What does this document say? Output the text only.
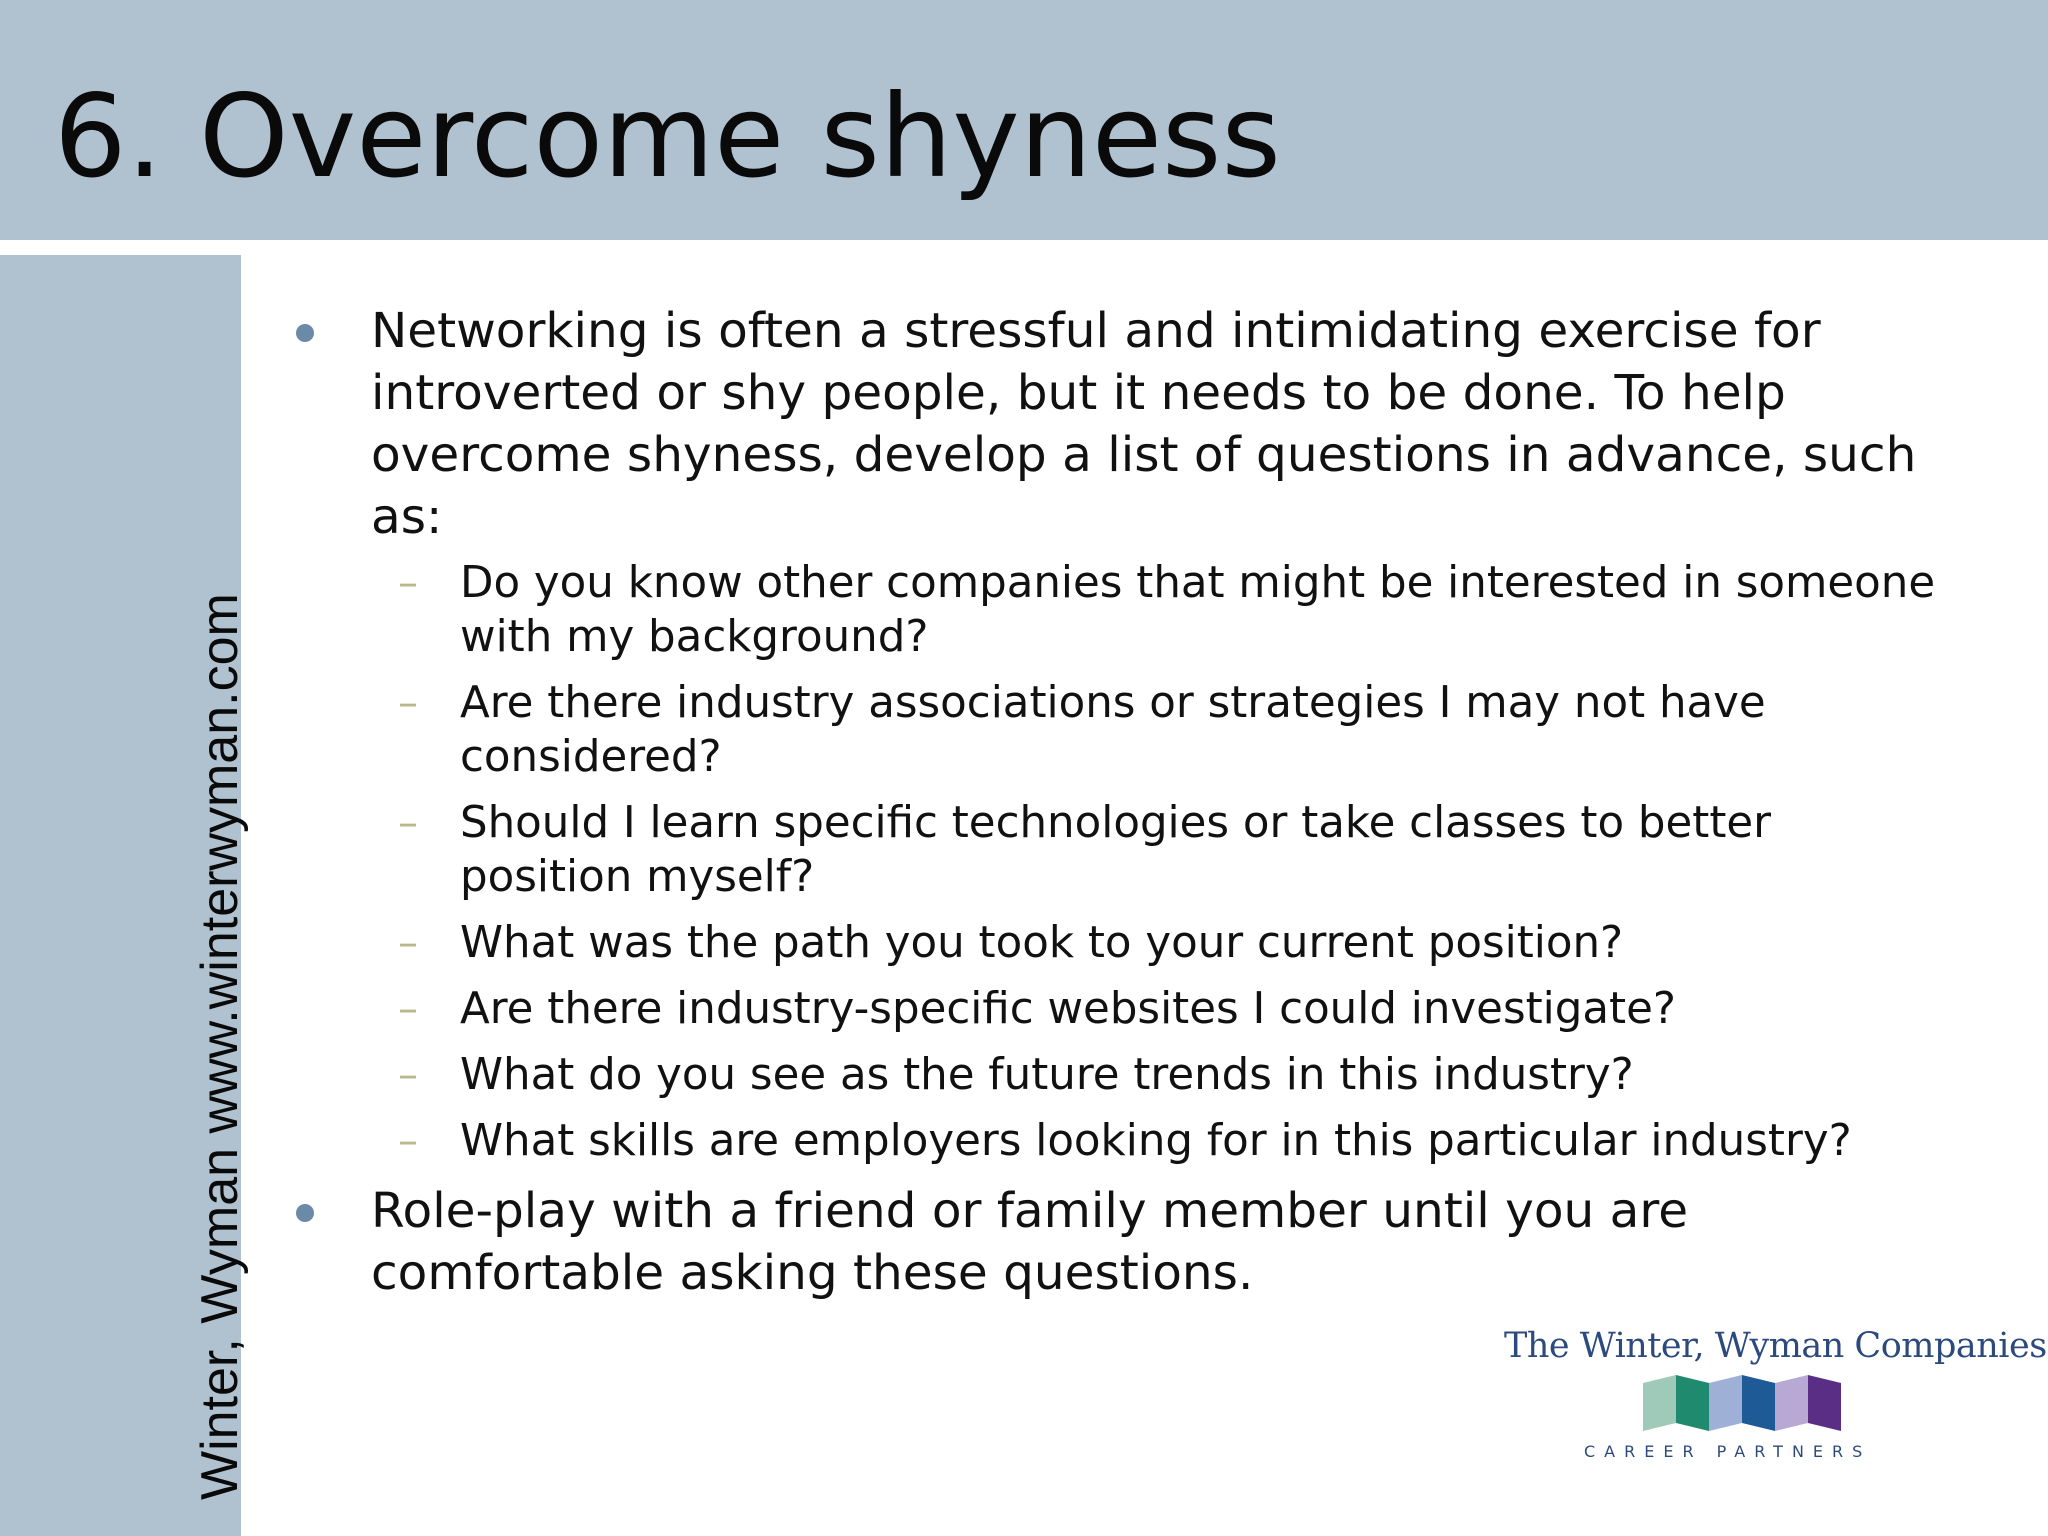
6. Overcome shyness
Winter, Wyman www.winterwyman.com
Networking is often a stressful and intimidating exercise for introverted or shy people, but it needs to be done. To help overcome shyness, develop a list of questions in advance, such as:
– Do you know other companies that might be interested in someone with my background?
– Are there industry associations or strategies I may not have considered?
– Should I learn specific technologies or take classes to better position myself?
– What was the path you took to your current position?
– Are there industry-specific websites I could investigate?
– What do you see as the future trends in this industry?
– What skills are employers looking for in this particular industry?
Role-play with a friend or family member until you are comfortable asking these questions.
The Winter, Wyman Companies
CAREER PARTNERS
